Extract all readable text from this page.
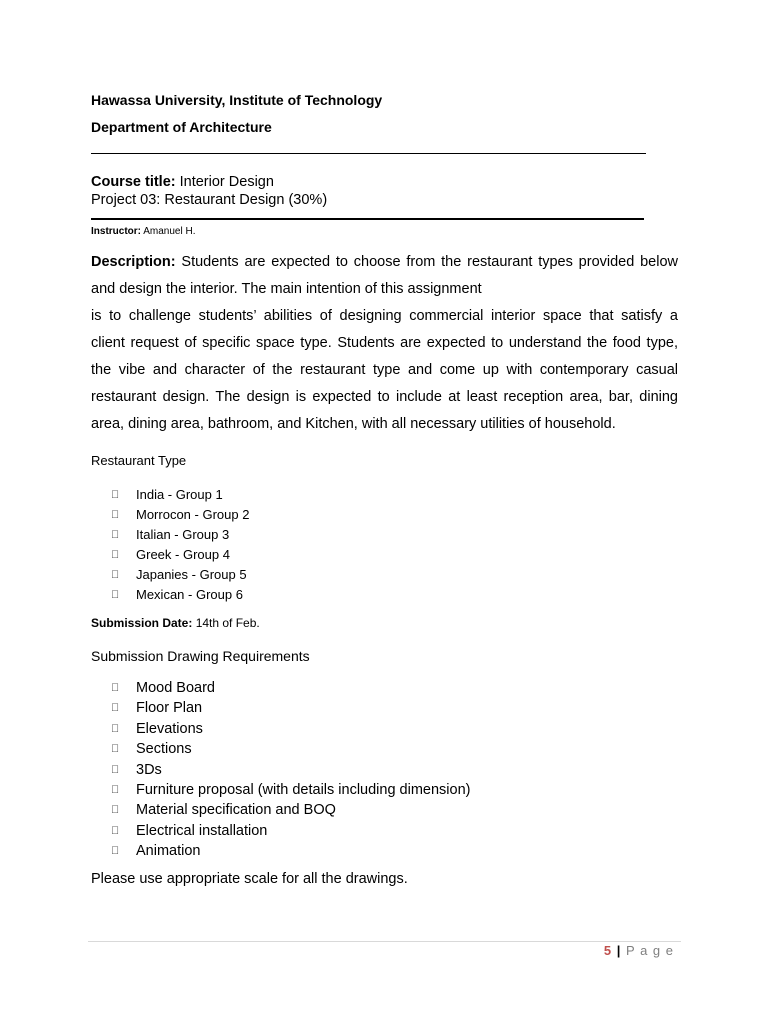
Hawassa University, Institute of Technology
Department of Architecture
Course title: Interior Design
Project 03: Restaurant Design (30%)
Instructor: Amanuel H.

Description: Students are expected to choose from the restaurant types provided below

and design the interior. The main intention of this assignment

is to challenge students’ abilities of designing commercial interior space that satisfy a

client request of specific space type. Students are expected to understand the food type,

the vibe and character of the restaurant type and come up with contemporary casual

restaurant design. The design is expected to include at least reception area, bar, dining

area, dining area, bathroom, and Kitchen, with all necessary utilities of household.

Restaurant Type
India - Group 1
Morrocon - Group 2
Italian - Group 3
Greek - Group 4
Japanies - Group 5
Mexican - Group 6
Submission Date: 14th of Feb.
Submission Drawing Requirements
Mood Board
Floor Plan
Elevations
Sections
3Ds
Furniture proposal (with details including dimension)
Material specification and BOQ
Electrical installation
Animation
Please use appropriate scale for all the drawings.
5 | P a g e
